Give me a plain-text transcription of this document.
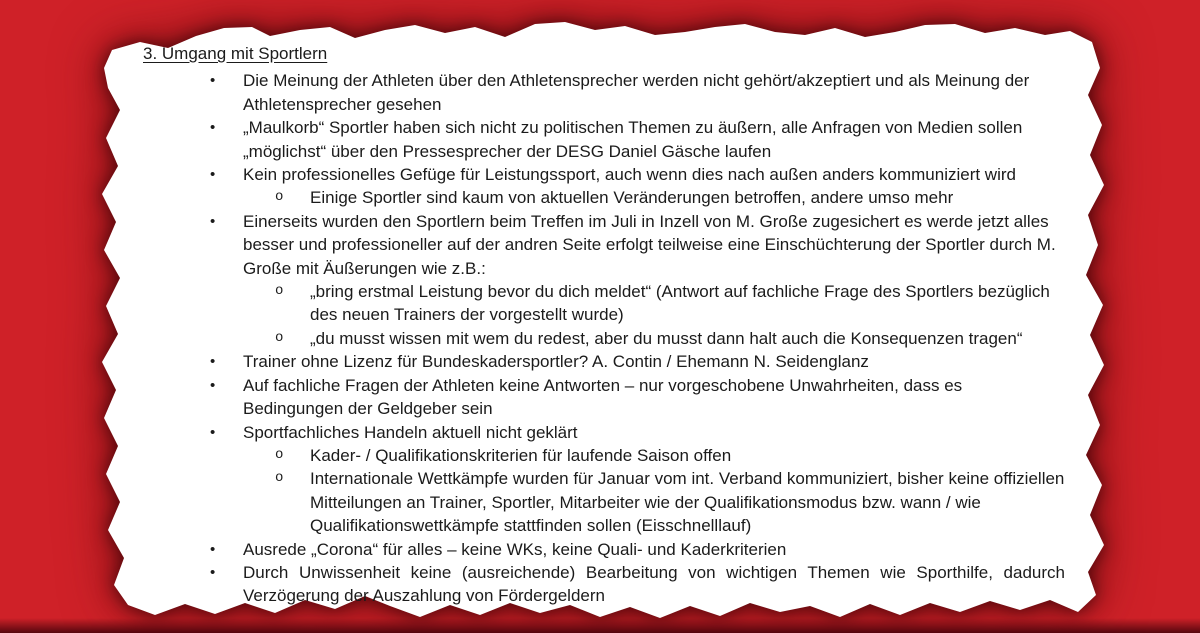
3. Umgang mit Sportlern
•	Die Meinung der Athleten über den Athletensprecher werden nicht gehört/akzeptiert und als Meinung der Athletensprecher gesehen
•	„Maulkorb“ Sportler haben sich nicht zu politischen Themen zu äußern, alle Anfragen von Medien sollen „möglichst“ über den Pressesprecher der DESG Daniel Gäsche laufen
•	Kein professionelles Gefüge für Leistungssport, auch wenn dies nach außen anders kommuniziert wird
o	Einige Sportler sind kaum von aktuellen Veränderungen betroffen, andere umso mehr
•	Einerseits wurden den Sportlern beim Treffen im Juli in Inzell von M. Große zugesichert es werde jetzt alles besser und professioneller auf der andren Seite erfolgt teilweise eine Einschüchterung der Sportler durch M. Große mit Äußerungen wie z.B.:
o	„bring erstmal Leistung bevor du dich meldet“ (Antwort auf fachliche Frage des Sportlers bezüglich des neuen Trainers der vorgestellt wurde)
o	„du musst wissen mit wem du redest, aber du musst dann halt auch die Konsequenzen tragen“
•	Trainer ohne Lizenz für Bundeskadersportler? A. Contin / Ehemann N. Seidenglanz
•	Auf fachliche Fragen der Athleten keine Antworten – nur vorgeschobene Unwahrheiten, dass es Bedingungen der Geldgeber sein
•	Sportfachliches Handeln aktuell nicht geklärt
o	Kader- / Qualifikationskriterien für laufende Saison offen
o	Internationale Wettkämpfe wurden für Januar vom int. Verband kommuniziert, bisher keine offiziellen Mitteilungen an Trainer, Sportler, Mitarbeiter wie der Qualifikationsmodus bzw. wann / wie Qualifikationswettkämpfe stattfinden sollen (Eisschnelllauf)
•	Ausrede „Corona“ für alles – keine WKs, keine Quali- und Kaderkriterien
•	Durch Unwissenheit keine (ausreichende) Bearbeitung von wichtigen Themen wie Sporthilfe, dadurch Verzögerung der Auszahlung von Fördergeldern
